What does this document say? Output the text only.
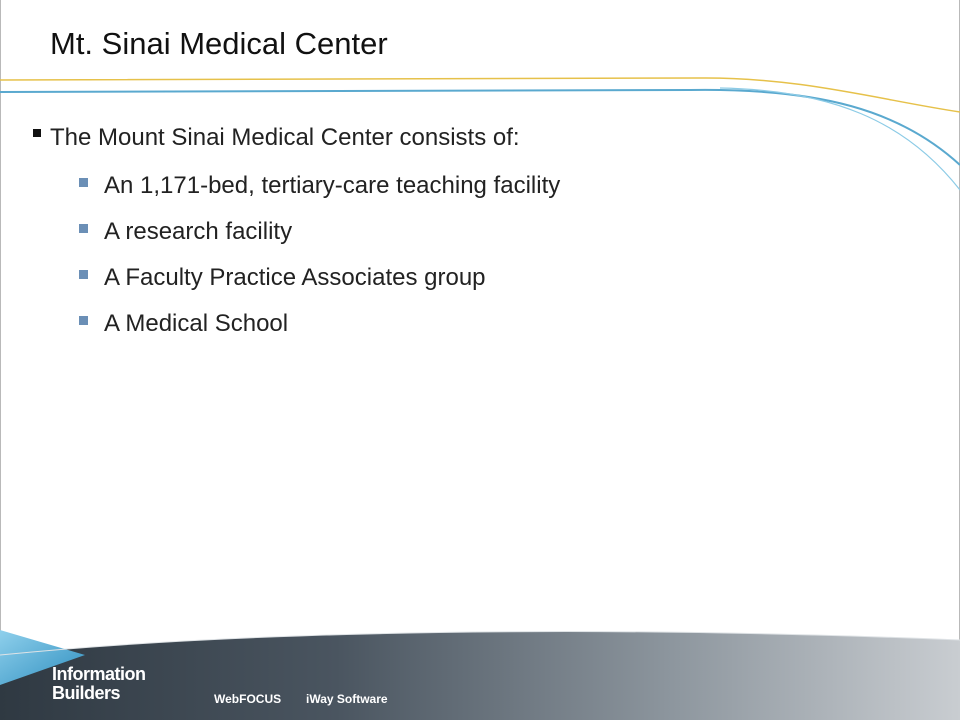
Mt. Sinai Medical Center
The Mount Sinai Medical Center consists of:
An 1,171-bed, tertiary-care teaching facility
A research facility
A Faculty Practice Associates group
A Medical School
Information
Builders	WebFOCUS iWay Software
